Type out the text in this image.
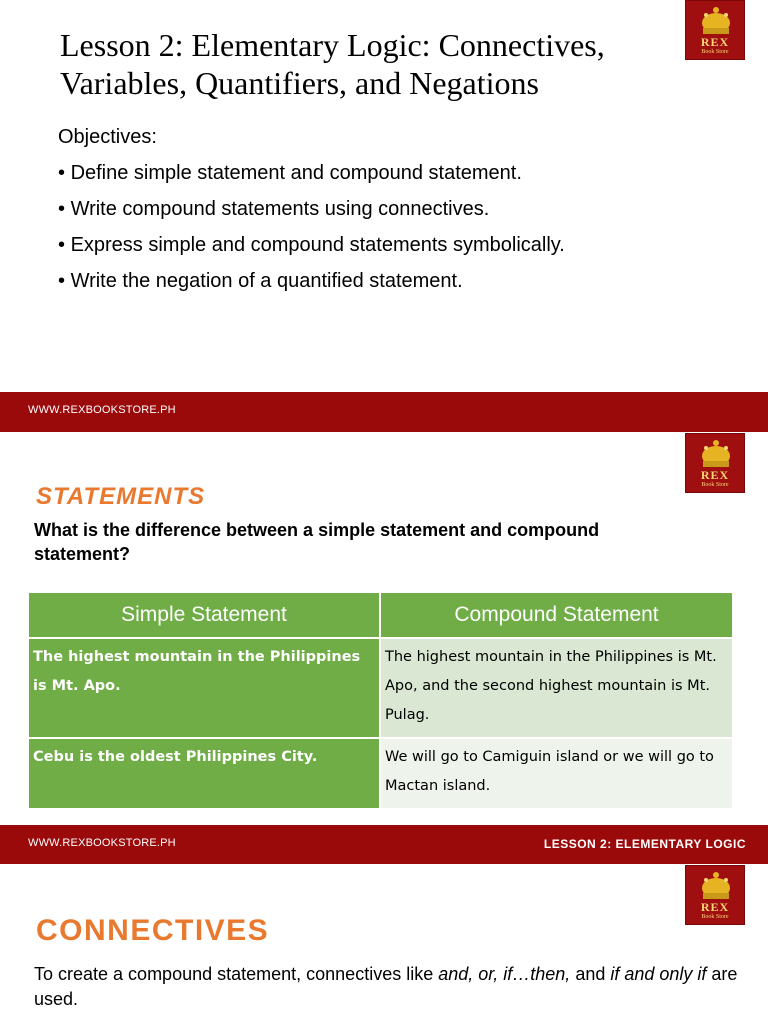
REX
Book Store
Lesson 2: Elementary Logic: Connectives, Variables, Quantifiers, and Negations
Objectives:
• Define simple statement and compound statement.
• Write compound statements using connectives.
• Express simple and compound statements symbolically.
• Write the negation of a quantified statement.
WWW.REXBOOKSTORE.PH
REX
Book Store
STATEMENTS
What is the difference between a simple statement and compound statement?
Simple Statement	Compound Statement
The highest mountain in the Philippines is Mt. Apo.	The highest mountain in the Philippines is Mt. Apo, and the second highest mountain is Mt. Pulag.
Cebu is the oldest Philippines City.	We will go to Camiguin island or we will go to Mactan island.
WWW.REXBOOKSTORE.PH	LESSON 2: ELEMENTARY LOGIC
REX
Book Store
CONNECTIVES
To create a compound statement, connectives like and, or, if…then, and if and only if are used.
